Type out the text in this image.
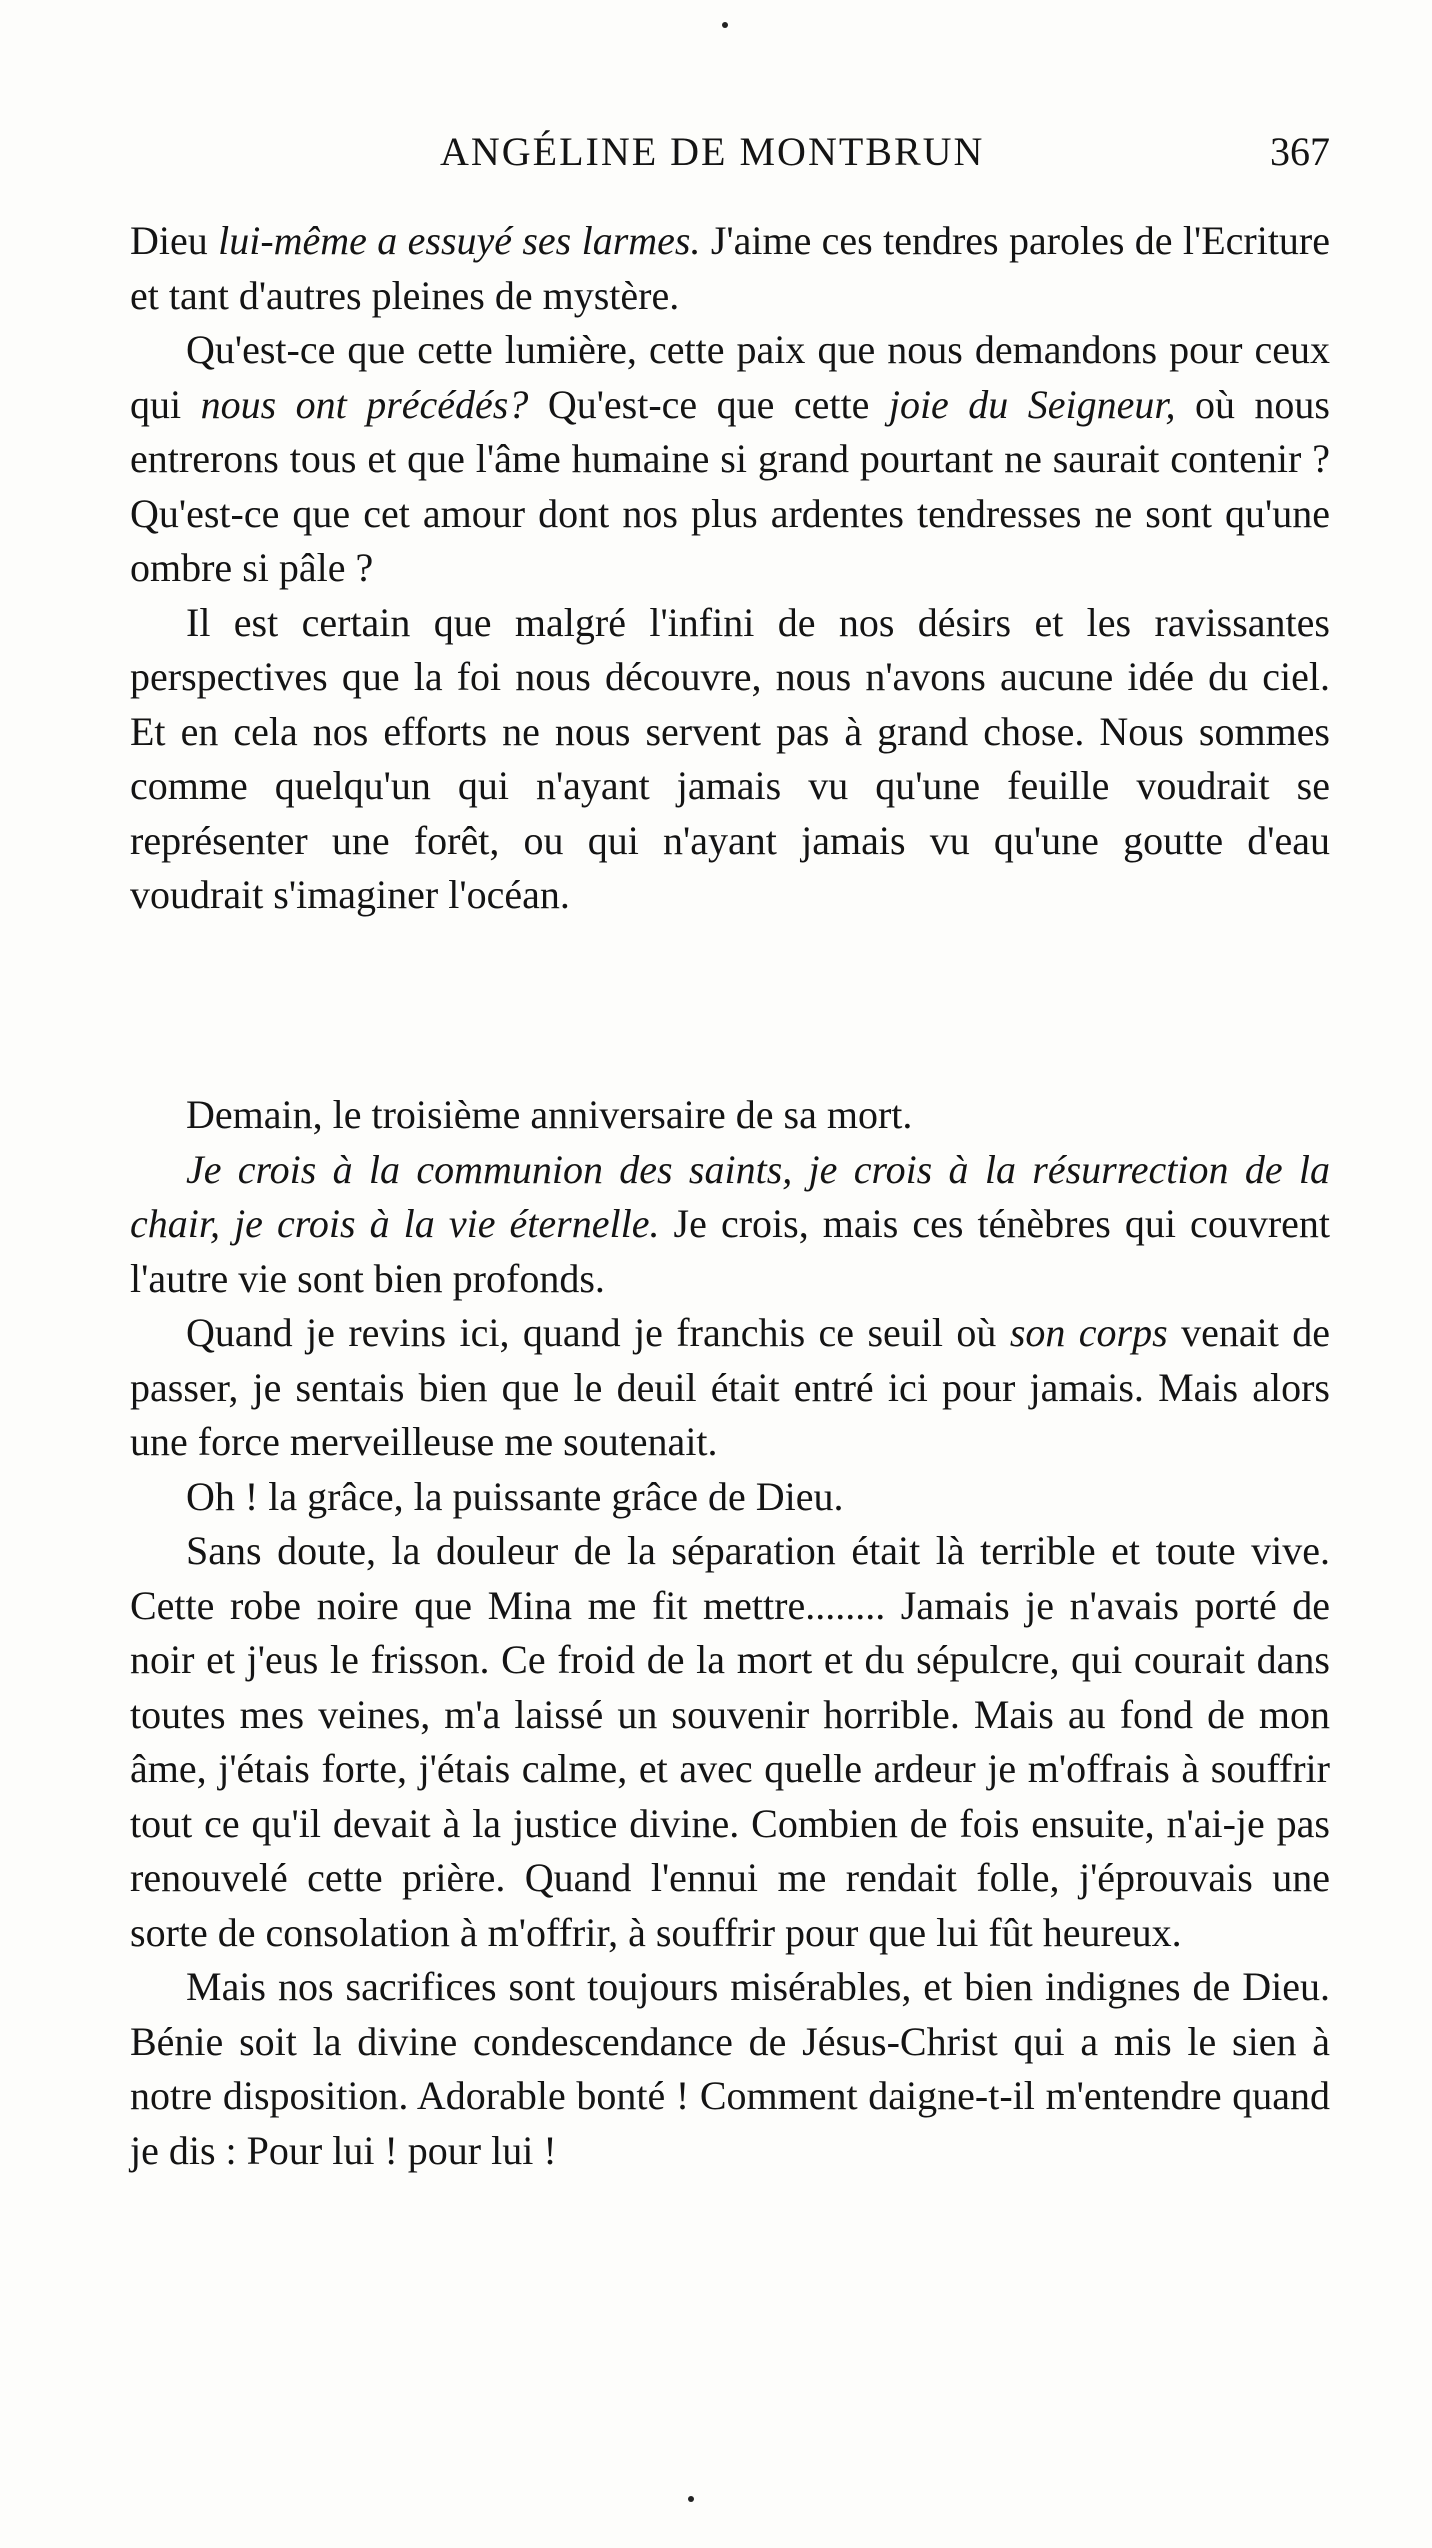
ANGÉLINE DE MONTBRUN	367

Dieu lui-même a essuyé ses larmes. J'aime ces tendres paroles de l'Ecriture et tant d'autres pleines de mystère.

Qu'est-ce que cette lumière, cette paix que nous demandons pour ceux qui nous ont précédés? Qu'est-ce que cette joie du Seigneur, où nous entrerons tous et que l'âme humaine si grand pourtant ne saurait contenir ? Qu'est-ce que cet amour dont nos plus ardentes tendresses ne sont qu'une ombre si pâle ?

Il est certain que malgré l'infini de nos désirs et les ravissantes perspectives que la foi nous découvre, nous n'avons aucune idée du ciel. Et en cela nos efforts ne nous servent pas à grand chose. Nous sommes comme quelqu'un qui n'ayant jamais vu qu'une feuille voudrait se représenter une forêt, ou qui n'ayant jamais vu qu'une goutte d'eau voudrait s'imaginer l'océan.

Demain, le troisième anniversaire de sa mort.

Je crois à la communion des saints, je crois à la résurrection de la chair, je crois à la vie éternelle. Je crois, mais ces ténèbres qui couvrent l'autre vie sont bien profonds.

Quand je revins ici, quand je franchis ce seuil où son corps venait de passer, je sentais bien que le deuil était entré ici pour jamais. Mais alors une force merveilleuse me soutenait.

Oh ! la grâce, la puissante grâce de Dieu.

Sans doute, la douleur de la séparation était là terrible et toute vive. Cette robe noire que Mina me fit mettre........ Jamais je n'avais porté de noir et j'eus le frisson. Ce froid de la mort et du sépulcre, qui courait dans toutes mes veines, m'a laissé un souvenir horrible. Mais au fond de mon âme, j'étais forte, j'étais calme, et avec quelle ardeur je m'offrais à souffrir tout ce qu'il devait à la justice divine. Combien de fois ensuite, n'ai-je pas renouvelé cette prière. Quand l'ennui me rendait folle, j'éprouvais une sorte de consolation à m'offrir, à souffrir pour que lui fût heureux.

Mais nos sacrifices sont toujours misérables, et bien indignes de Dieu. Bénie soit la divine condescendance de Jésus-Christ qui a mis le sien à notre disposition. Adorable bonté ! Comment daigne-t-il m'entendre quand je dis : Pour lui ! pour lui !
